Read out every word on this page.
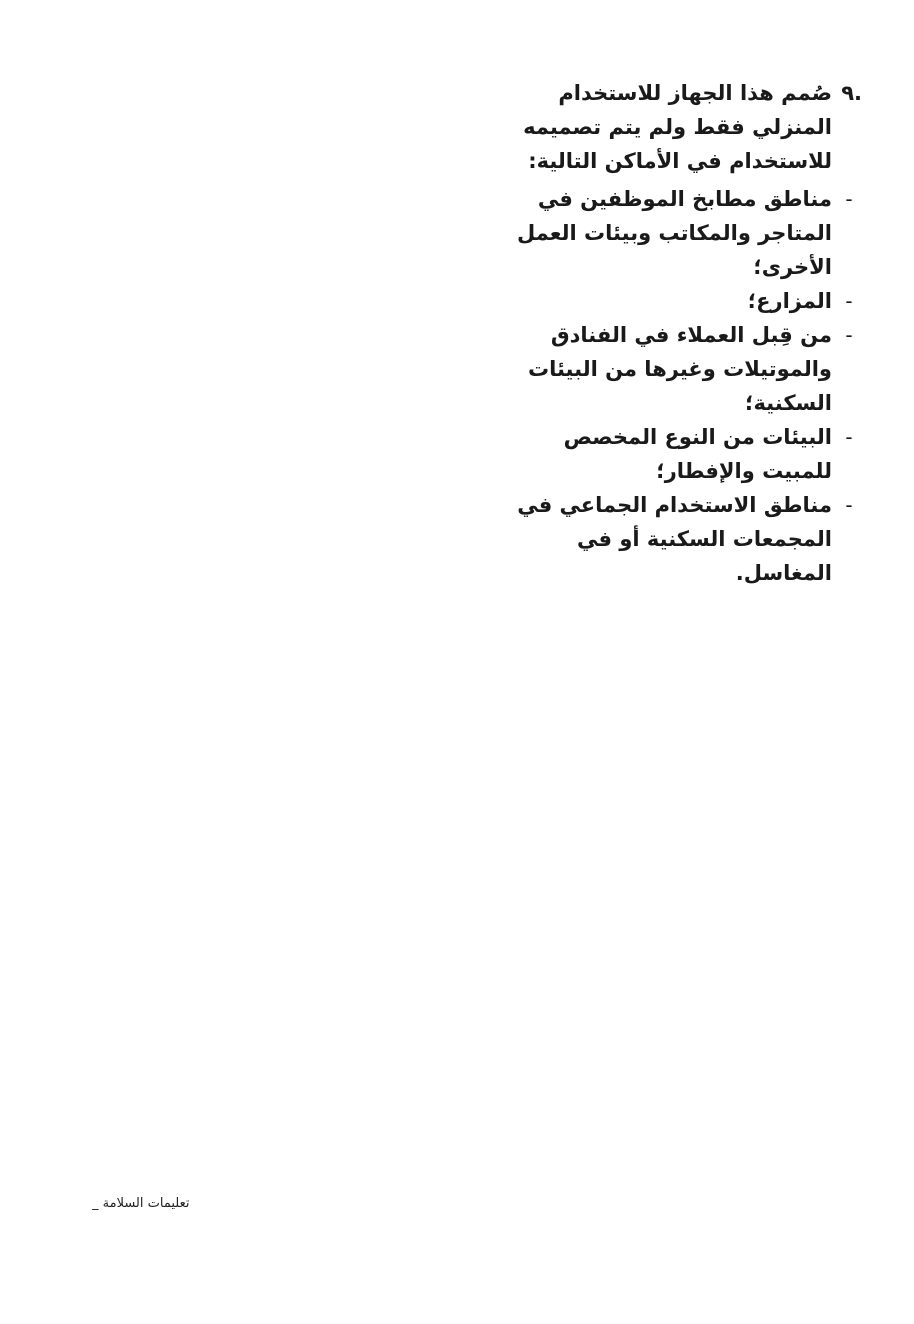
.٩
صُمم هذا الجهاز للاستخدام المنزلي فقط ولم يتم تصميمه للاستخدام في الأماكن التالية:

-
مناطق مطابخ الموظفين في المتاجر والمكاتب وبيئات العمل الأخرى؛
-
المزارع؛
-
من قِبل العملاء في الفنادق والموتيلات وغيرها من البيئات السكنية؛
-
البيئات من النوع المخصص للمبيت والإفطار؛
-
مناطق الاستخدام الجماعي في المجمعات السكنية أو في المغاسل.
تعليمات السلامة _
